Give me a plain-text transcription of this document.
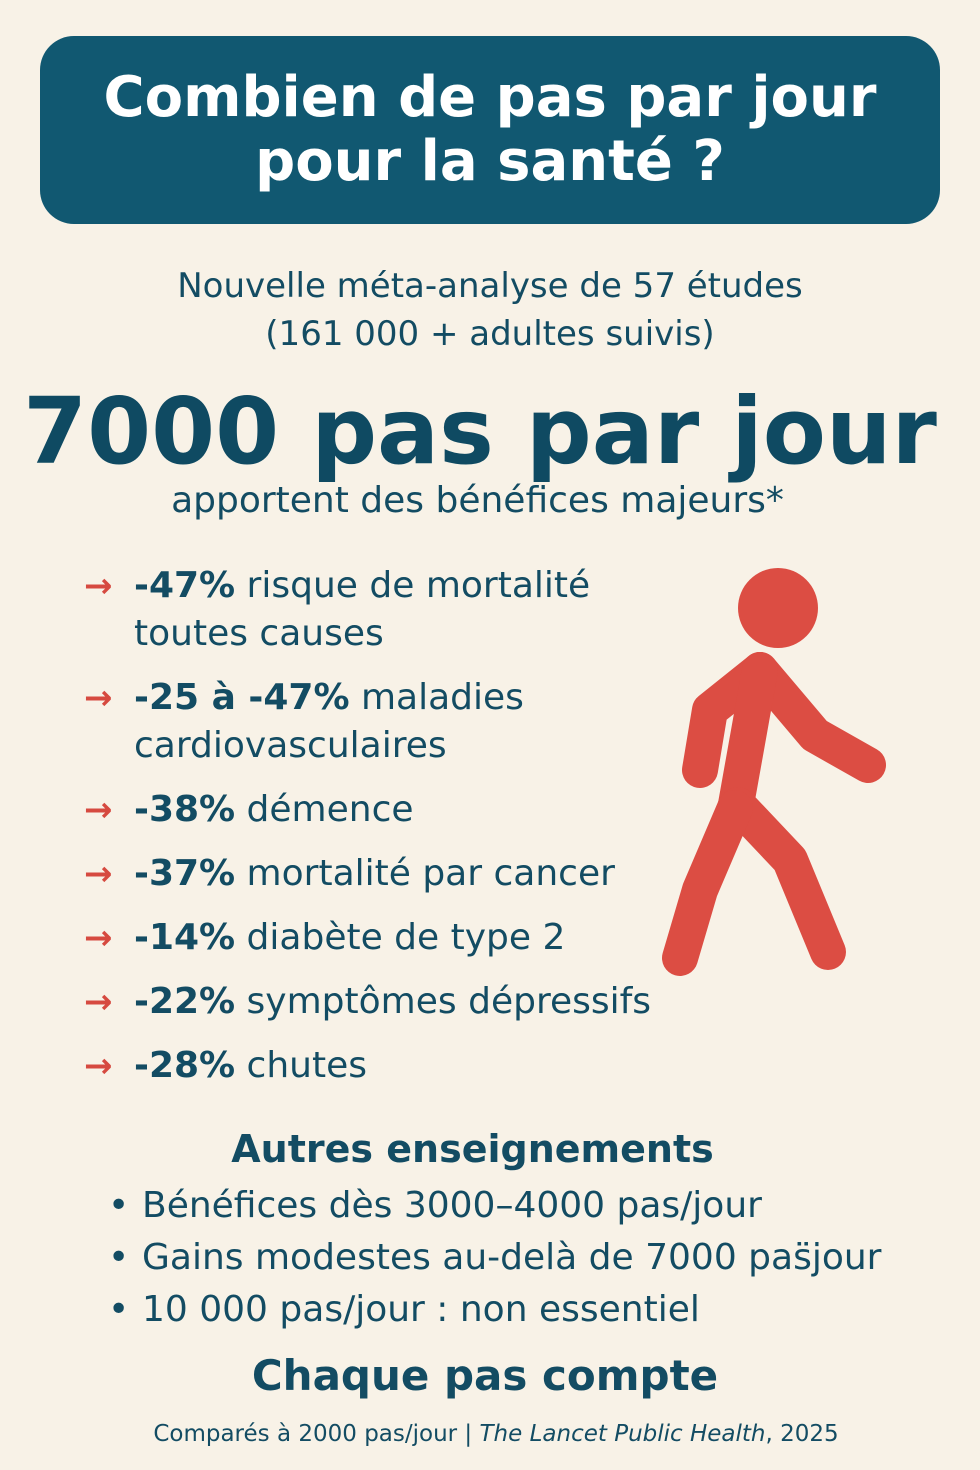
Combien de pas par jour
pour la santé ?
Nouvelle méta-analyse de 57 études
(161 000 + adultes suivis)
7000 pas par jour
apportent des bénéfices majeurs*
→ -47% risque de mortalité
toutes causes
→ -25 à -47% maladies
cardiovasculaires
→ -38% démence
→ -37% mortalité par cancer
→ -14% diabète de type 2
→ -22% symptômes dépressifs
→ -28% chutes
Autres enseignements
• Bénéfices dès 3000–4000 pas/jour
• Gains modestes au-delà de 7000 pas̈jour
• 10 000 pas/jour : non essentiel
Chaque pas compte
Comparés à 2000 pas/jour | The Lancet Public Health, 2025
